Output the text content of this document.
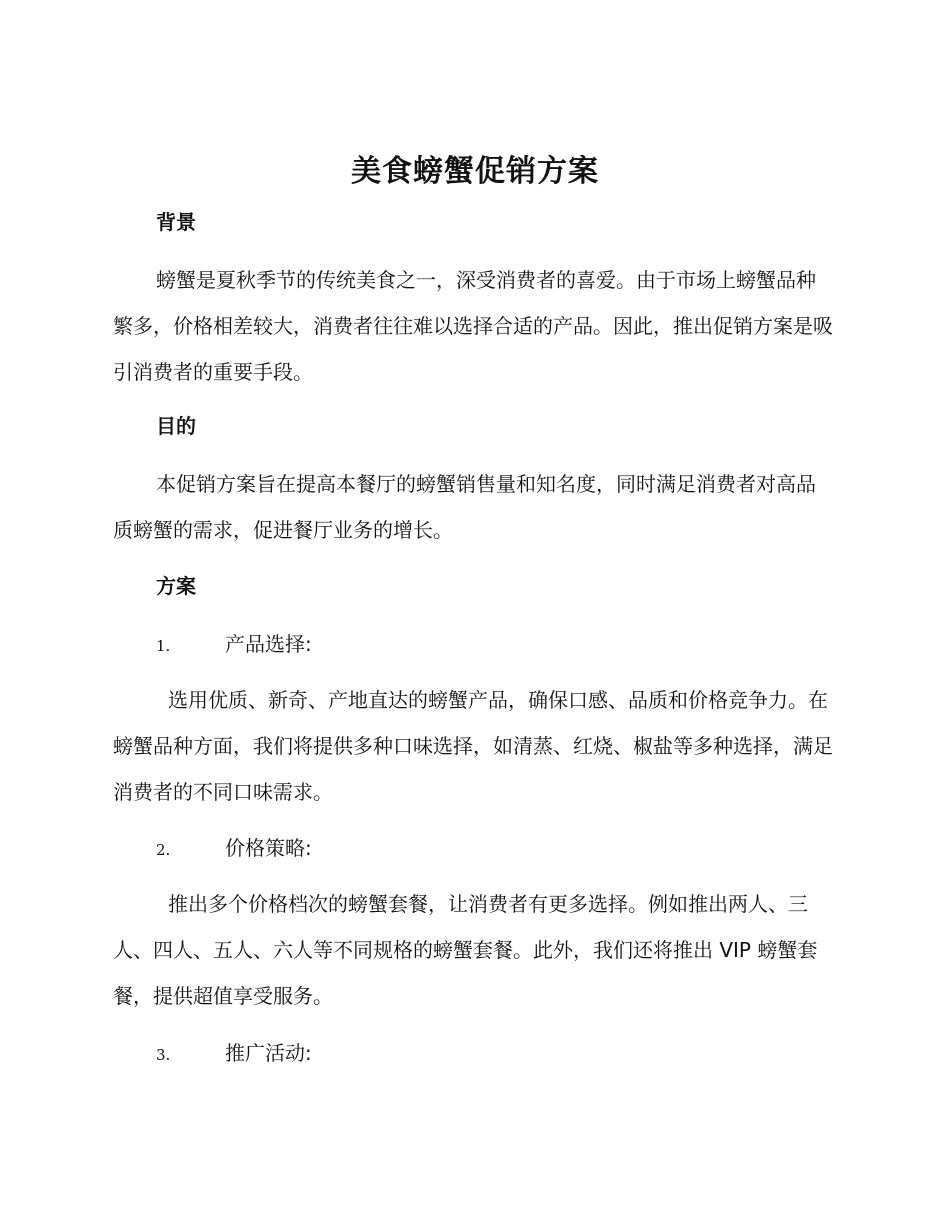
美食螃蟹促销方案
背景

螃蟹是夏秋季节的传统美食之一，深受消费者的喜爱。由于市场上螃蟹品种繁多，价格相差较大，消费者往往难以选择合适的产品。因此，推出促销方案是吸引消费者的重要手段。

目的

本促销方案旨在提高本餐厅的螃蟹销售量和知名度，同时满足消费者对高品质螃蟹的需求，促进餐厅业务的增长。

方案
1.	产品选择:

选用优质、新奇、产地直达的螃蟹产品，确保口感、品质和价格竞争力。在螃蟹品种方面，我们将提供多种口味选择，如清蒸、红烧、椒盐等多种选择，满足消费者的不同口味需求。

2.	价格策略:

推出多个价格档次的螃蟹套餐，让消费者有更多选择。例如推出两人、三人、四人、五人、六人等不同规格的螃蟹套餐。此外，我们还将推出 VIP 螃蟹套餐，提供超值享受服务。

3.	推广活动:
